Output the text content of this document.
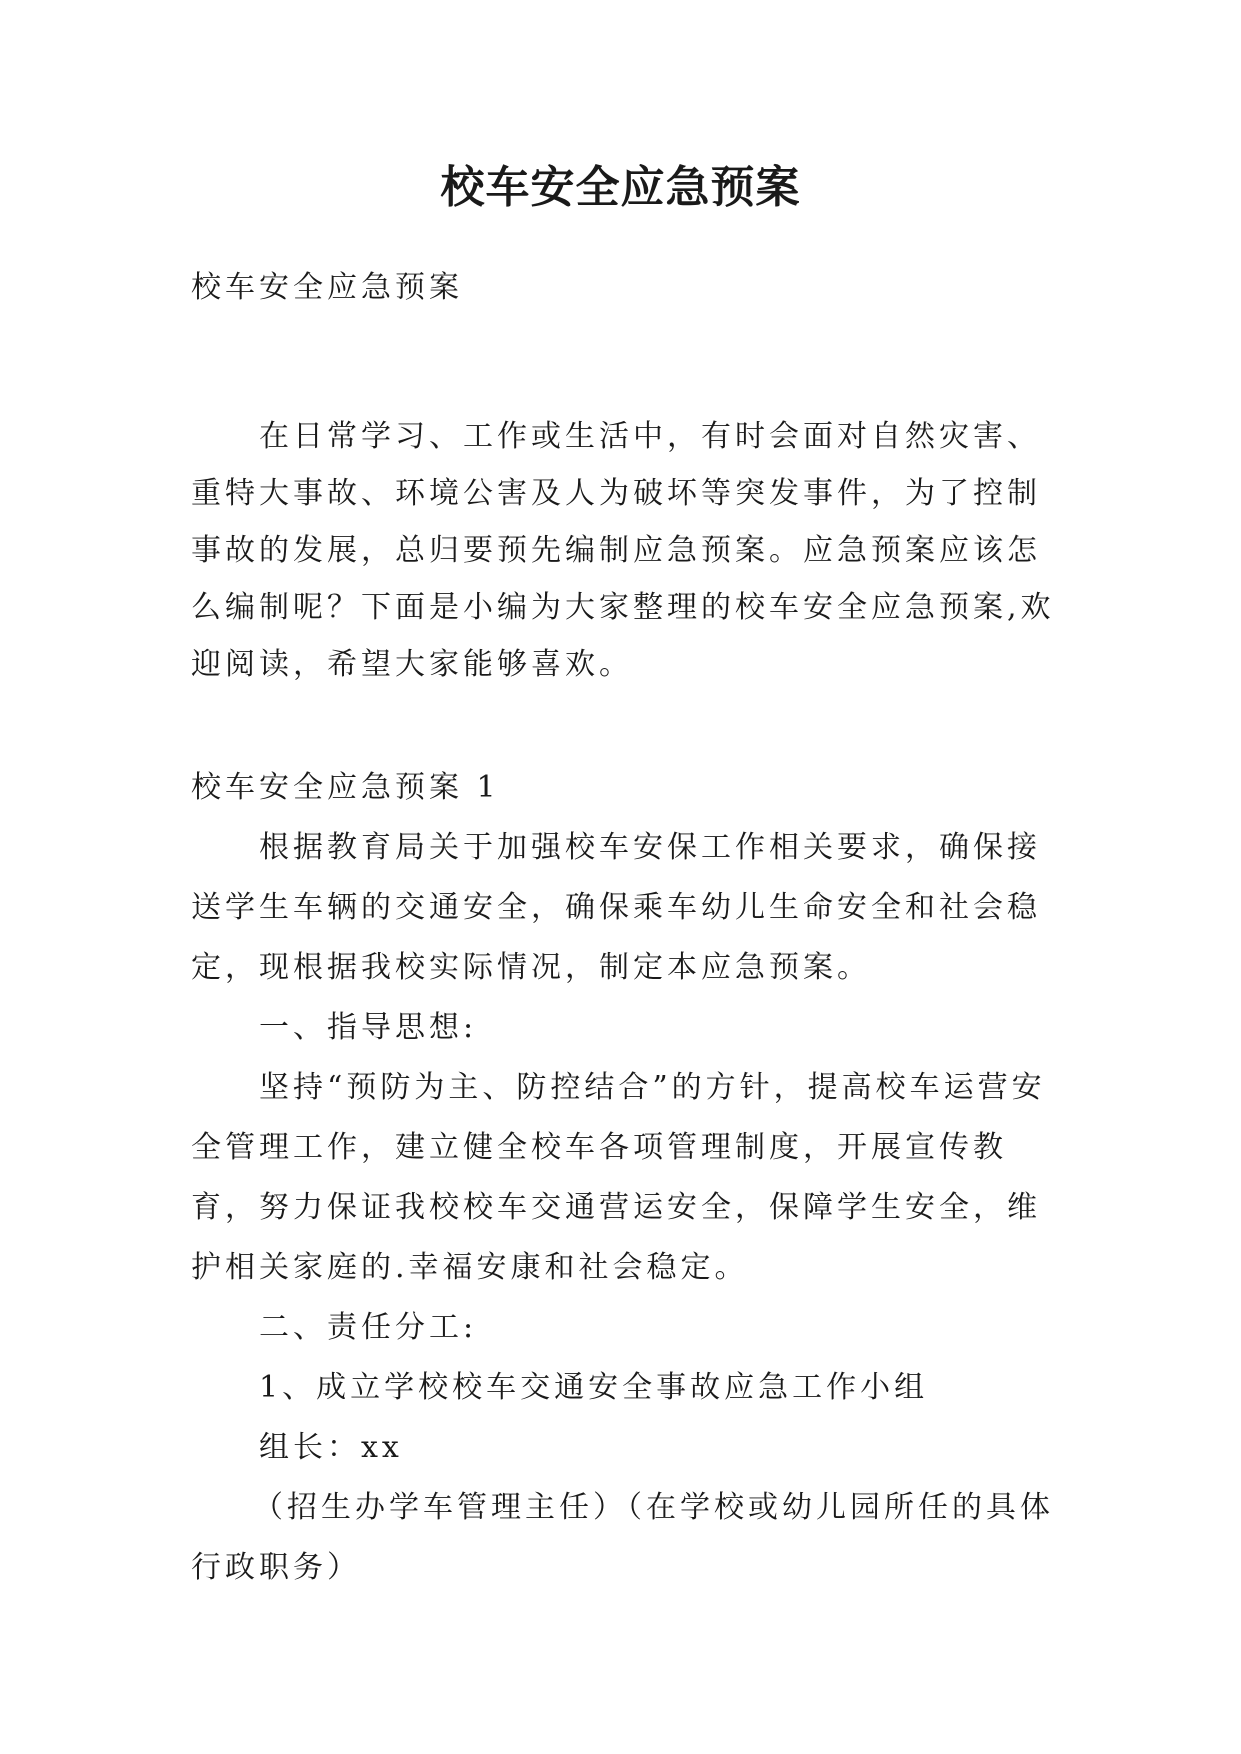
校车安全应急预案
校车安全应急预案

在日常学习、工作或生活中，有时会面对自然灾害、重特大事故、环境公害及人为破坏等突发事件，为了控制事故的发展，总归要预先编制应急预案。应急预案应该怎么编制呢？下面是小编为大家整理的校车安全应急预案,欢迎阅读，希望大家能够喜欢。

校车安全应急预案 1

根据教育局关于加强校车安保工作相关要求，确保接送学生车辆的交通安全，确保乘车幼儿生命安全和社会稳定，现根据我校实际情况，制定本应急预案。

一、指导思想:

坚持“预防为主、防控结合”的方针，提高校车运营安全管理工作，建立健全校车各项管理制度，开展宣传教育，努力保证我校校车交通营运安全，保障学生安全，维护相关家庭的.幸福安康和社会稳定。

二、责任分工:

1、成立学校校车交通安全事故应急工作小组

组长：xx

（招生办学车管理主任）（在学校或幼儿园所任的具体行政职务）
